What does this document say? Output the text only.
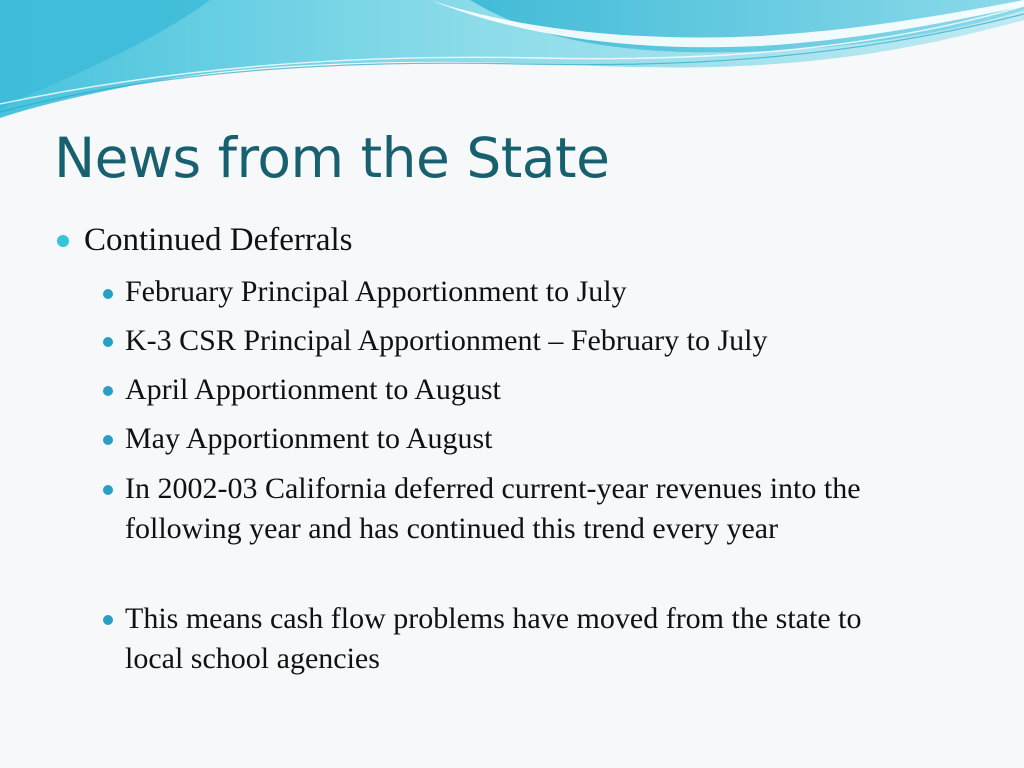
News from the State
Continued Deferrals
February Principal Apportionment to July
K-3 CSR Principal Apportionment – February to July
April Apportionment to August
May Apportionment to August
In 2002-03 California deferred current-year revenues into the following year and has continued this trend every year
This means cash flow problems have moved from the state to local school agencies
